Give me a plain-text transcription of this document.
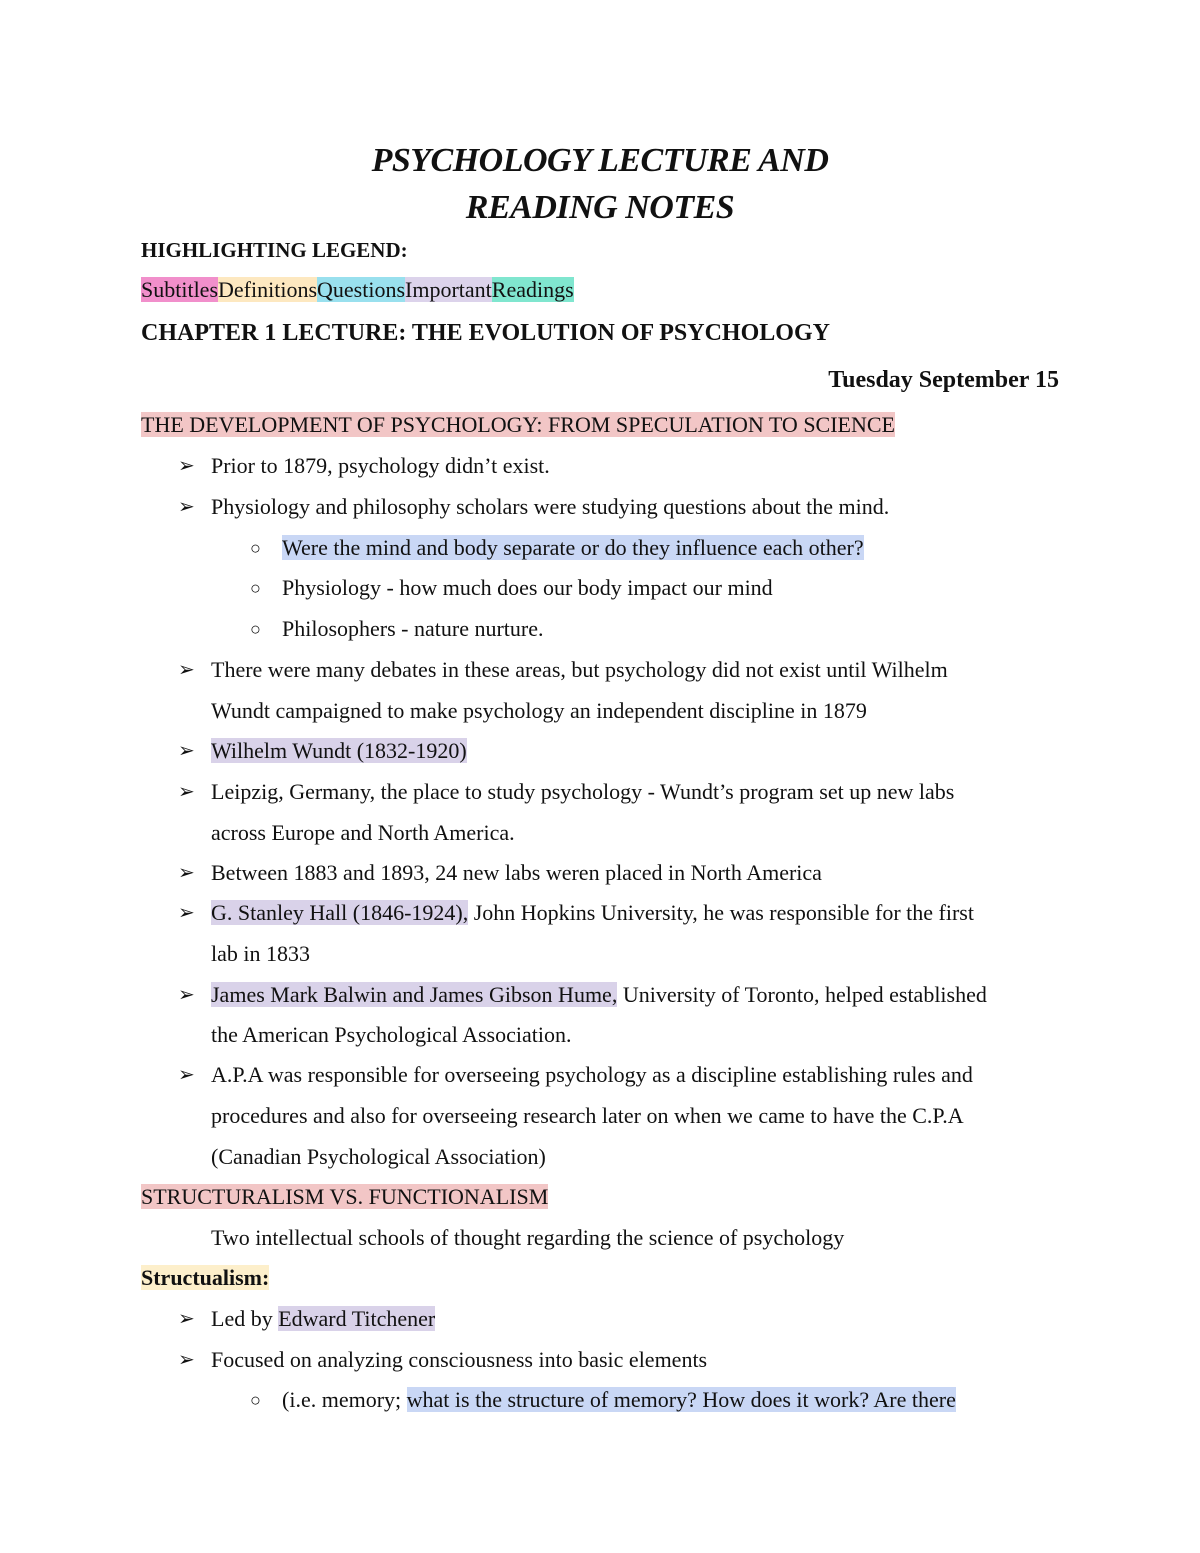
PSYCHOLOGY LECTURE AND
READING NOTES
HIGHLIGHTING LEGEND:
SubtitlesDefinitionsQuestionsImportantReadings
CHAPTER 1 LECTURE: THE EVOLUTION OF PSYCHOLOGY
Tuesday September 15
THE DEVELOPMENT OF PSYCHOLOGY: FROM SPECULATION TO SCIENCE
➢ Prior to 1879, psychology didn’t exist.
➢ Physiology and philosophy scholars were studying questions about the mind.
○ Were the mind and body separate or do they influence each other?
○ Physiology - how much does our body impact our mind
○ Philosophers - nature nurture.
➢ There were many debates in these areas, but psychology did not exist until Wilhelm
Wundt campaigned to make psychology an independent discipline in 1879
➢ Wilhelm Wundt (1832-1920)
➢ Leipzig, Germany, the place to study psychology - Wundt’s program set up new labs
across Europe and North America.
➢ Between 1883 and 1893, 24 new labs weren placed in North America
➢ G. Stanley Hall (1846-1924), John Hopkins University, he was responsible for the first
lab in 1833
➢ James Mark Balwin and James Gibson Hume, University of Toronto, helped established
the American Psychological Association.
➢ A.P.A was responsible for overseeing psychology as a discipline establishing rules and
procedures and also for overseeing research later on when we came to have the C.P.A
(Canadian Psychological Association)
STRUCTURALISM VS. FUNCTIONALISM
Two intellectual schools of thought regarding the science of psychology
Structualism:
➢ Led by Edward Titchener
➢ Focused on analyzing consciousness into basic elements
○ (i.e. memory; what is the structure of memory? How does it work? Are there
